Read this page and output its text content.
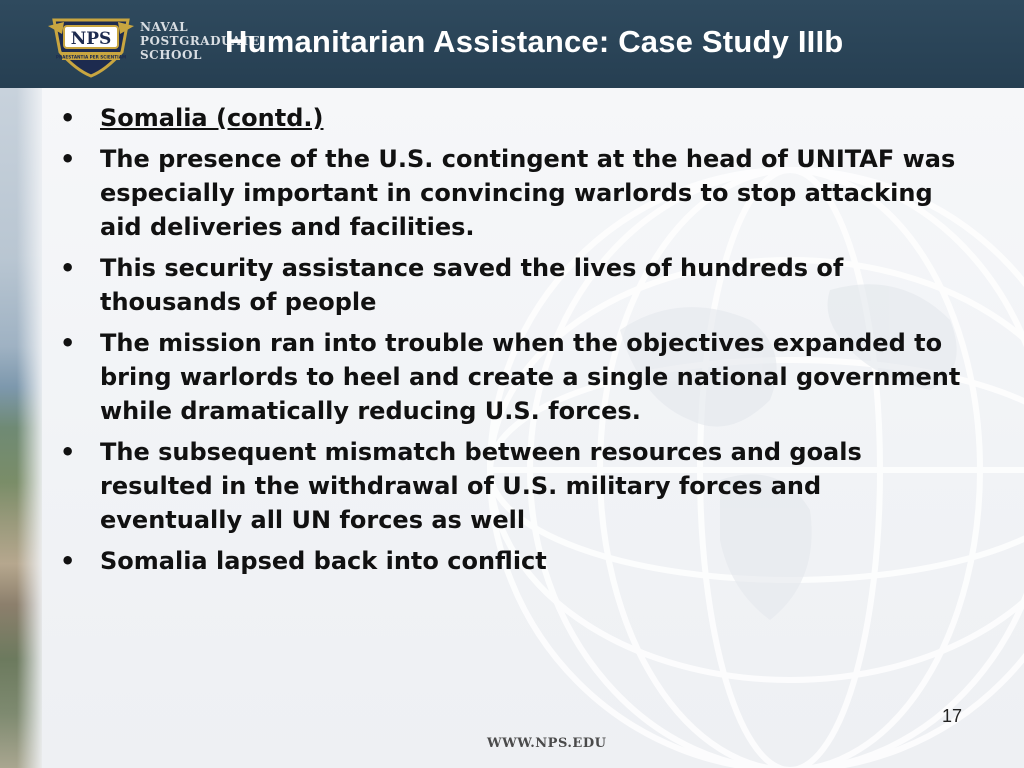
NPS
PRAESTANTIA PER SCIENTIAM
NAVAL
POSTGRADUATE
SCHOOL Humanitarian Assistance: Case Study IIIb
• Somalia (contd.)
• The presence of the U.S. contingent at the head of UNITAF was especially important in convincing warlords to stop attacking aid deliveries and facilities.
• This security assistance saved the lives of hundreds of thousands of people
• The mission ran into trouble when the objectives expanded to bring warlords to heel and create a single national government while dramatically reducing U.S. forces.
• The subsequent mismatch between resources and goals resulted in the withdrawal of U.S. military forces and eventually all UN forces as well
• Somalia lapsed back into conflict
17
WWW.NPS.EDU
